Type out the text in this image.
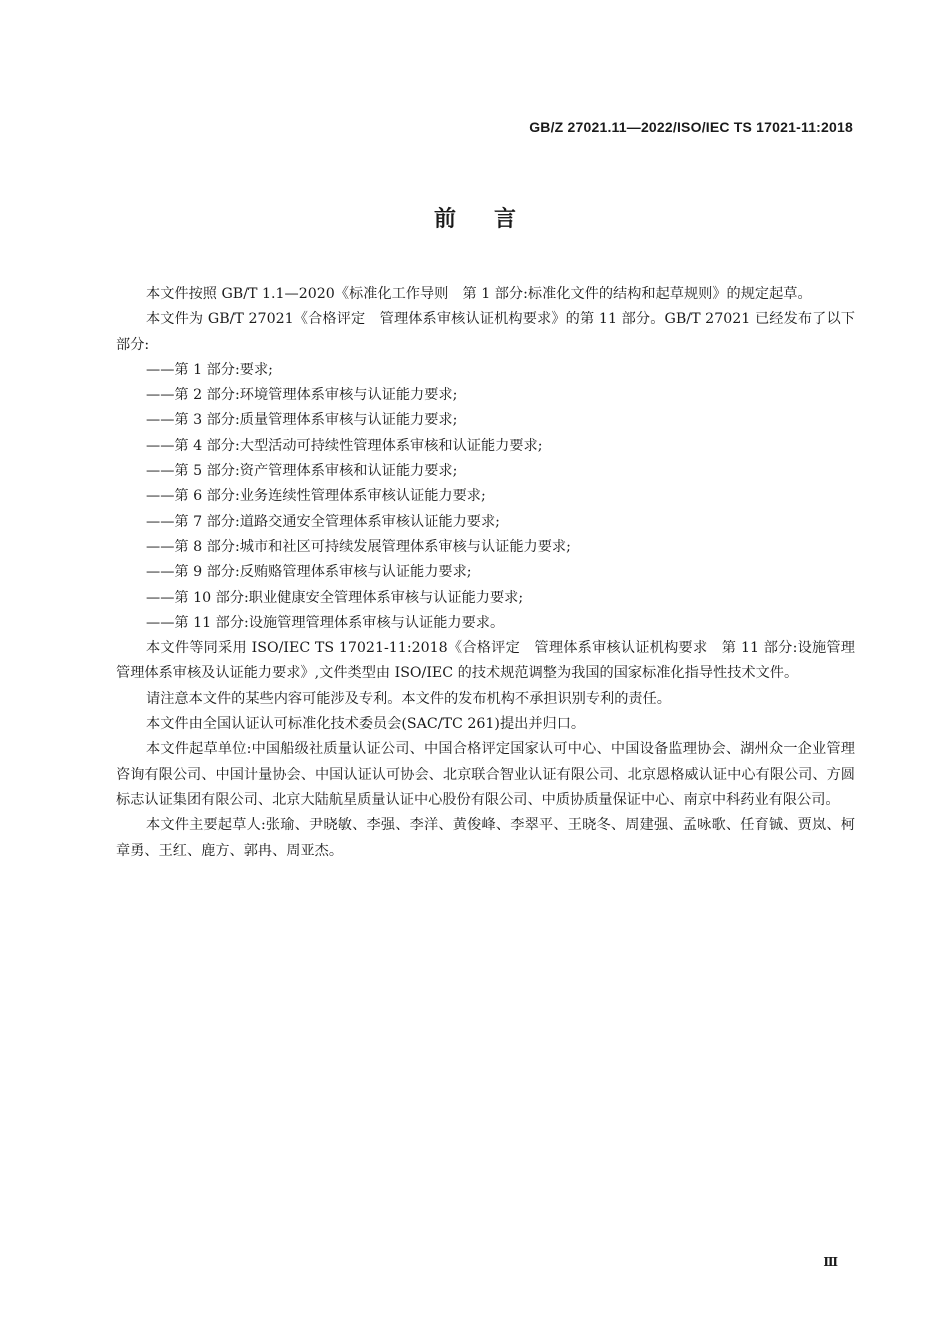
GB/Z 27021.11—2022/ISO/IEC TS 17021-11:2018
前言

本文件按照 GB/T 1.1—2020《标准化工作导则　第 1 部分:标准化文件的结构和起草规则》的规定起草。

本文件为 GB/T 27021《合格评定　管理体系审核认证机构要求》的第 11 部分。GB/T 27021 已经发布了以下部分:

——第 1 部分:要求;

——第 2 部分:环境管理体系审核与认证能力要求;

——第 3 部分:质量管理体系审核与认证能力要求;

——第 4 部分:大型活动可持续性管理体系审核和认证能力要求;

——第 5 部分:资产管理体系审核和认证能力要求;

——第 6 部分:业务连续性管理体系审核认证能力要求;

——第 7 部分:道路交通安全管理体系审核认证能力要求;

——第 8 部分:城市和社区可持续发展管理体系审核与认证能力要求;

——第 9 部分:反贿赂管理体系审核与认证能力要求;

——第 10 部分:职业健康安全管理体系审核与认证能力要求;

——第 11 部分:设施管理管理体系审核与认证能力要求。

本文件等同采用 ISO/IEC TS 17021-11:2018《合格评定　管理体系审核认证机构要求　第 11 部分:设施管理管理体系审核及认证能力要求》,文件类型由 ISO/IEC 的技术规范调整为我国的国家标准化指导性技术文件。

请注意本文件的某些内容可能涉及专利。本文件的发布机构不承担识别专利的责任。

本文件由全国认证认可标准化技术委员会(SAC/TC 261)提出并归口。

本文件起草单位:中国船级社质量认证公司、中国合格评定国家认可中心、中国设备监理协会、湖州众一企业管理咨询有限公司、中国计量协会、中国认证认可协会、北京联合智业认证有限公司、北京恩格威认证中心有限公司、方圆标志认证集团有限公司、北京大陆航星质量认证中心股份有限公司、中质协质量保证中心、南京中科药业有限公司。

本文件主要起草人:张瑜、尹晓敏、李强、李洋、黄俊峰、李翠平、王晓冬、周建强、孟咏歌、任育铖、贾岚、柯章勇、王红、鹿方、郭冉、周亚杰。

Ⅲ
